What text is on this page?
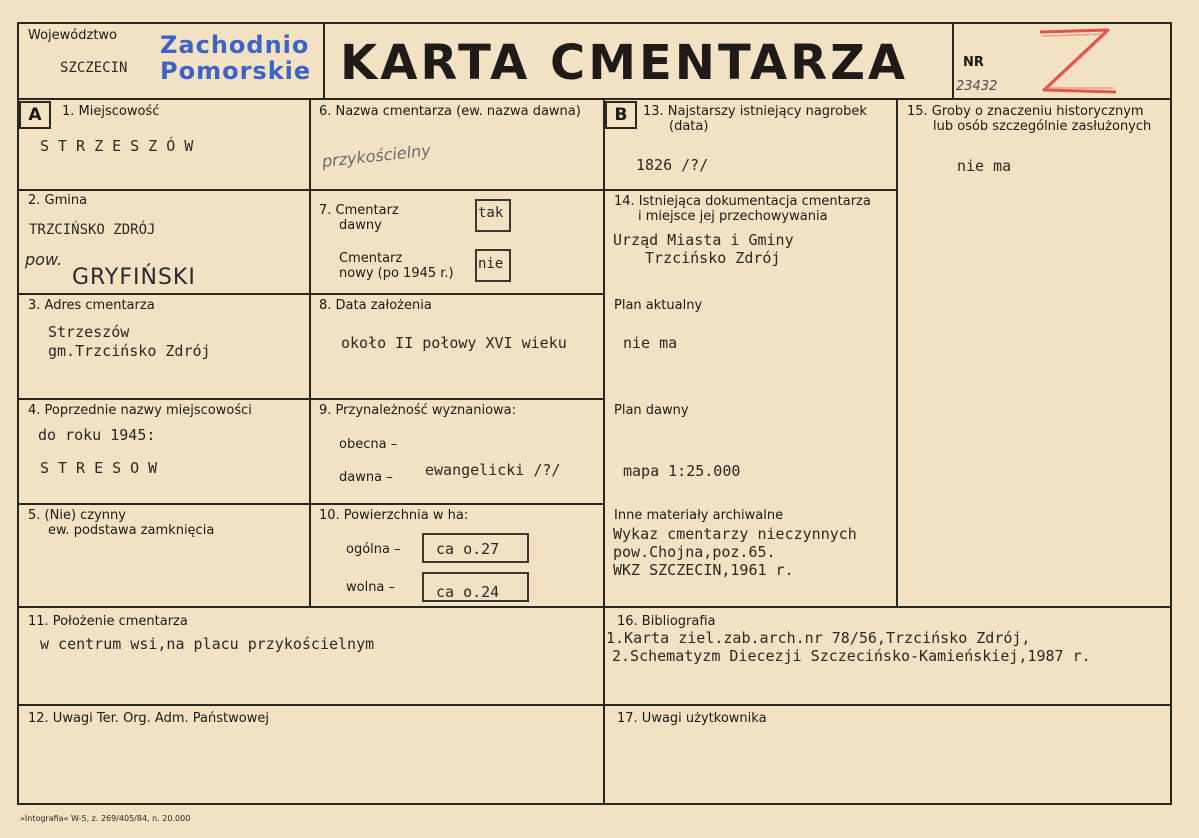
Województwo
SZCZECIN
Zachodnio
Pomorskie KARTA CMENTARZA	NR
23432
A	B
1. Miejscowość
STRZESZÓW
2. Gmina
TRZCIŃSKO ZDRÓJ
pow.
GRYFIŃSKI
3. Adres cmentarza
Strzeszów
gm.Trzcińsko Zdrój
4. Poprzednie nazwy miejscowości
do roku 1945:
STRESOW
5. (Nie) czynny
ew. podstawa zamknięcia
6. Nazwa cmentarza (ew. nazwa dawna)
przykościelny
7. Cmentarz
dawny
tak
Cmentarz
nowy (po 1945 r.)
nie
8. Data założenia
około II połowy XVI wieku
9. Przynależność wyznaniowa:
obecna –
dawna – ewangelicki /?/
10. Powierzchnia w ha:
ogólna – ca o.27
wolna –	ca o.24
13. Najstarszy istniejący nagrobek
(data)
1826 /?/
14. Istniejąca dokumentacja cmentarza
i miejsce jej przechowywania
Urząd Miasta i Gminy
Trzcińsko Zdrój
Plan aktualny
nie ma
Plan dawny
mapa 1:25.000
Inne materiały archiwalne
Wykaz cmentarzy nieczynnych
pow.Chojna,poz.65.
WKZ SZCZECIN,1961 r.
15. Groby o znaczeniu historycznym
lub osób szczególnie zasłużonych
nie ma
11. Położenie cmentarza
w centrum wsi,na placu przykościelnym
16. Bibliografia
1.Karta ziel.zab.arch.nr 78/56,Trzcińsko Zdrój,
2.Schematyzm Diecezji Szczecińsko-Kamieńskiej,1987 r.
12. Uwagi Ter. Org. Adm. Państwowej	17. Uwagi użytkownika
»Intografia« W-5, z. 269/405/84, n. 20.000
